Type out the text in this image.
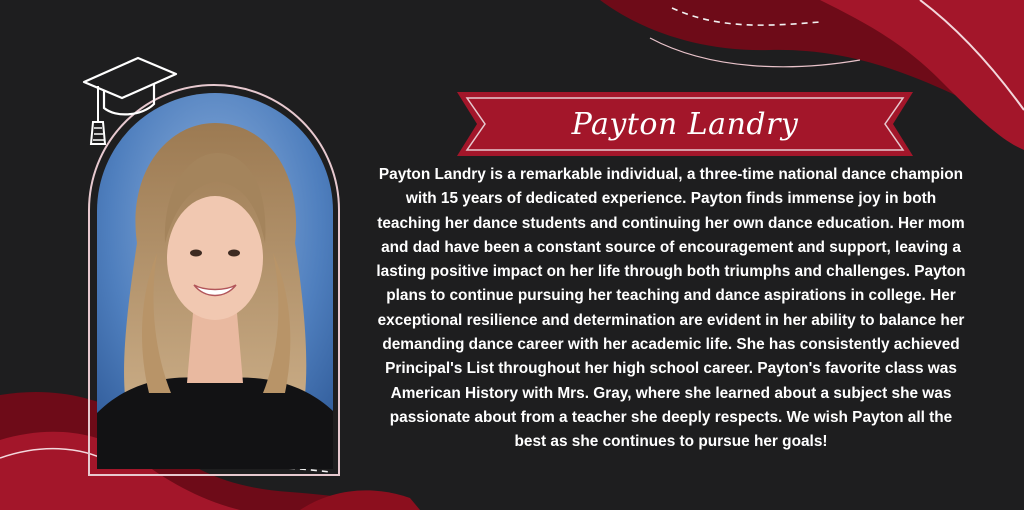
Payton Landry

Payton Landry is a remarkable individual, a three-time national dance champion with 15 years of dedicated experience. Payton finds immense joy in both teaching her dance students and continuing her own dance education. Her mom and dad have been a constant source of encouragement and support, leaving a lasting positive impact on her life through both triumphs and challenges. Payton plans to continue pursuing her teaching and dance aspirations in college. Her exceptional resilience and determination are evident in her ability to balance her demanding dance career with her academic life. She has consistently achieved Principal's List throughout her high school career. Payton's favorite class was American History with Mrs. Gray, where she learned about a subject she was passionate about from a teacher she deeply respects. We wish Payton all the best as she continues to pursue her goals!
